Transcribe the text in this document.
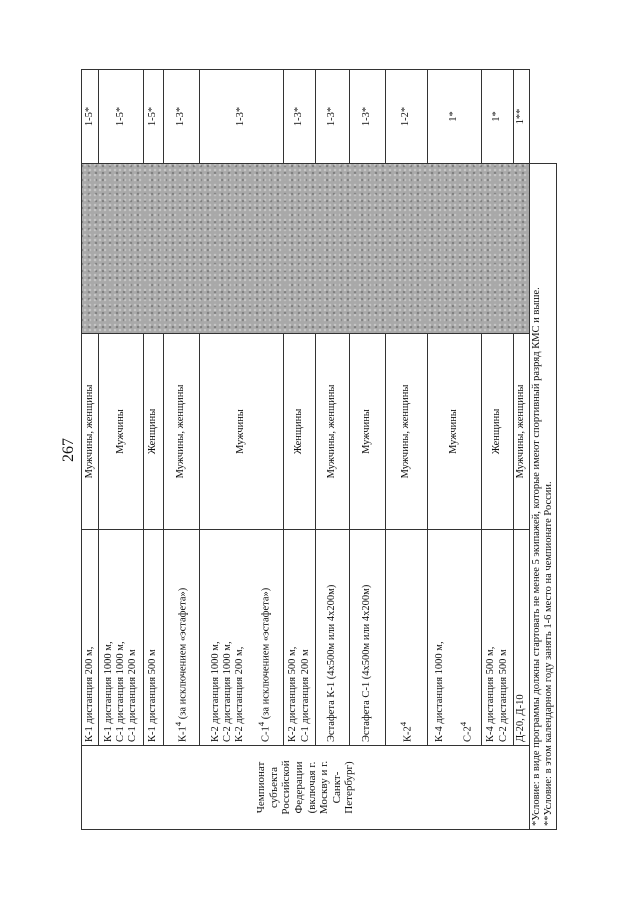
267
Чемпионат субъекта Российской Федерации (включая г. Москву и г. Санкт-Петербург)	К-1 дистанция 200 м,	Мужчины, женщины		1-5*

	К-1 дистанция 1000 м, С-1 дистанция 1000 м, С-1 дистанция 200 м	Мужчины		1-5*

	К-1 дистанция 500 м	Женщины		1-5*

	$К-1^4$ (за исключением «эстафета»)	Мужчины, женщины		1-3*

	К-2 дистанция 1000 м, С-2 дистанция 1000 м, К-2 дистанция 200 м, $С-1^4$ (за исключением «эстафета»)	Мужчины		1-3*

	К-2 дистанция 500 м, С-1 дистанция 200 м	Женщины		1-3*

	Эстафета К-1 (4х500м или 4х200м)	Мужчины, женщины		1-3*

	Эстафета С-1 (4х500м или 4х200м)	Мужчины		1-3*

	$К-2^4$	Мужчины, женщины		1-2*

	К-4 дистанция 1000 м, $С-2^4$	Мужчины		1*

	К-4 дистанция 500 м, С-2 дистанция 500 м	Женщины		1*

	Д-20, Д-10	Мужчины, женщины		1**

*Условие: в виде программы должны стартовать не менее 5 экипажей, которые имеют спортивный разряд КМС и выше. **Условие: в этом календарном году занять 1-6 место на чемпионате России.				
